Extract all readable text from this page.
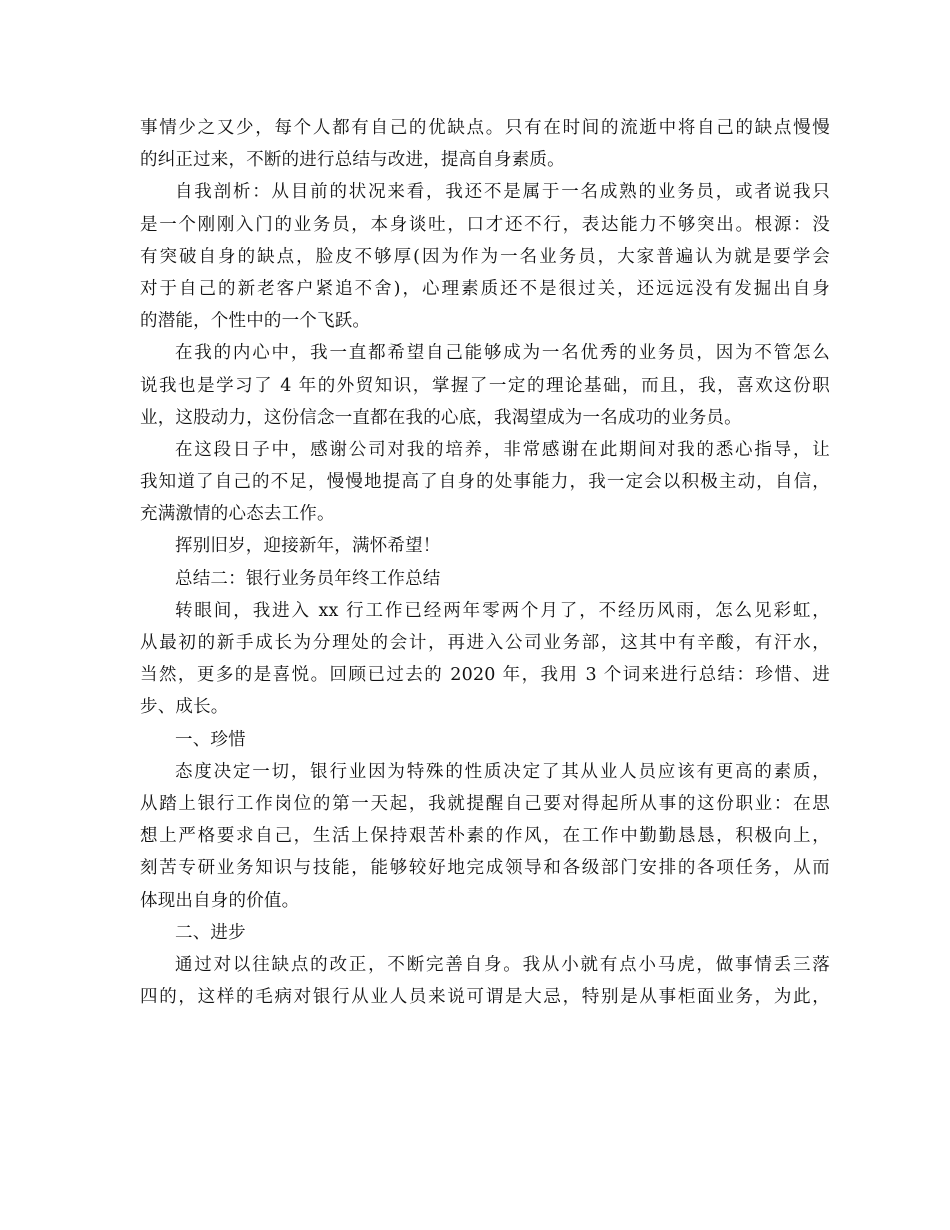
事情少之又少，每个人都有自己的优缺点。只有在时间的流逝中将自己的缺点慢慢
的纠正过来，不断的进行总结与改进，提高自身素质。
自我剖析：从目前的状况来看，我还不是属于一名成熟的业务员，或者说我只
是一个刚刚入门的业务员，本身谈吐，口才还不行，表达能力不够突出。根源：没
有突破自身的缺点，脸皮不够厚(因为作为一名业务员，大家普遍认为就是要学会
对于自己的新老客户紧追不舍)，心理素质还不是很过关，还远远没有发掘出自身
的潜能，个性中的一个飞跃。
在我的内心中，我一直都希望自己能够成为一名优秀的业务员，因为不管怎么
说我也是学习了 4 年的外贸知识，掌握了一定的理论基础，而且，我，喜欢这份职
业，这股动力，这份信念一直都在我的心底，我渴望成为一名成功的业务员。
在这段日子中，感谢公司对我的培养，非常感谢在此期间对我的悉心指导，让
我知道了自己的不足，慢慢地提高了自身的处事能力，我一定会以积极主动，自信，
充满激情的心态去工作。
挥别旧岁，迎接新年，满怀希望！
总结二：银行业务员年终工作总结
转眼间，我进入 xx 行工作已经两年零两个月了，不经历风雨，怎么见彩虹，
从最初的新手成长为分理处的会计，再进入公司业务部，这其中有辛酸，有汗水，
当然，更多的是喜悦。回顾已过去的 2020 年，我用 3 个词来进行总结：珍惜、进
步、成长。
一、珍惜
态度决定一切，银行业因为特殊的性质决定了其从业人员应该有更高的素质，
从踏上银行工作岗位的第一天起，我就提醒自己要对得起所从事的这份职业：在思
想上严格要求自己，生活上保持艰苦朴素的作风，在工作中勤勤恳恳，积极向上，
刻苦专研业务知识与技能，能够较好地完成领导和各级部门安排的各项任务，从而
体现出自身的价值。
二、进步
通过对以往缺点的改正，不断完善自身。我从小就有点小马虎，做事情丢三落
四的，这样的毛病对银行从业人员来说可谓是大忌，特别是从事柜面业务，为此，
